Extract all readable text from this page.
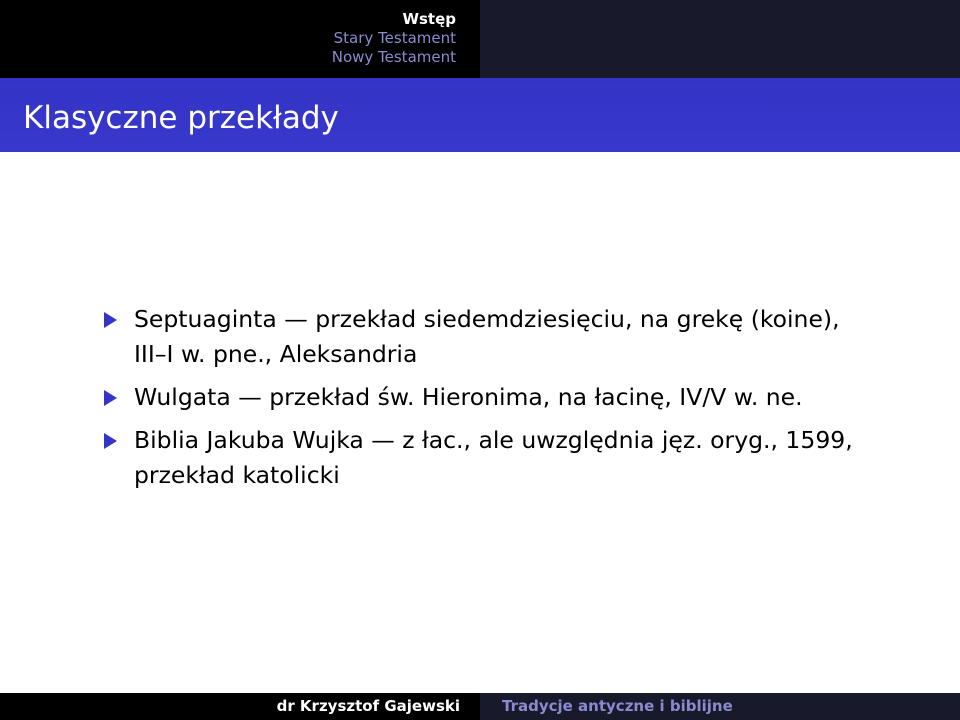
Wstęp
Stary Testament
Nowy Testament
Klasyczne przekłady
Septuaginta — przekład siedemdziesięciu, na grekę (koine), III–I w. pne., Aleksandria
Wulgata — przekład św. Hieronima, na łacinę, IV/V w. ne.
Biblia Jakuba Wujka — z łac., ale uwzględnia jęz. oryg., 1599, przekład katolicki
dr Krzysztof Gajewski	Tradycje antyczne i biblijne
